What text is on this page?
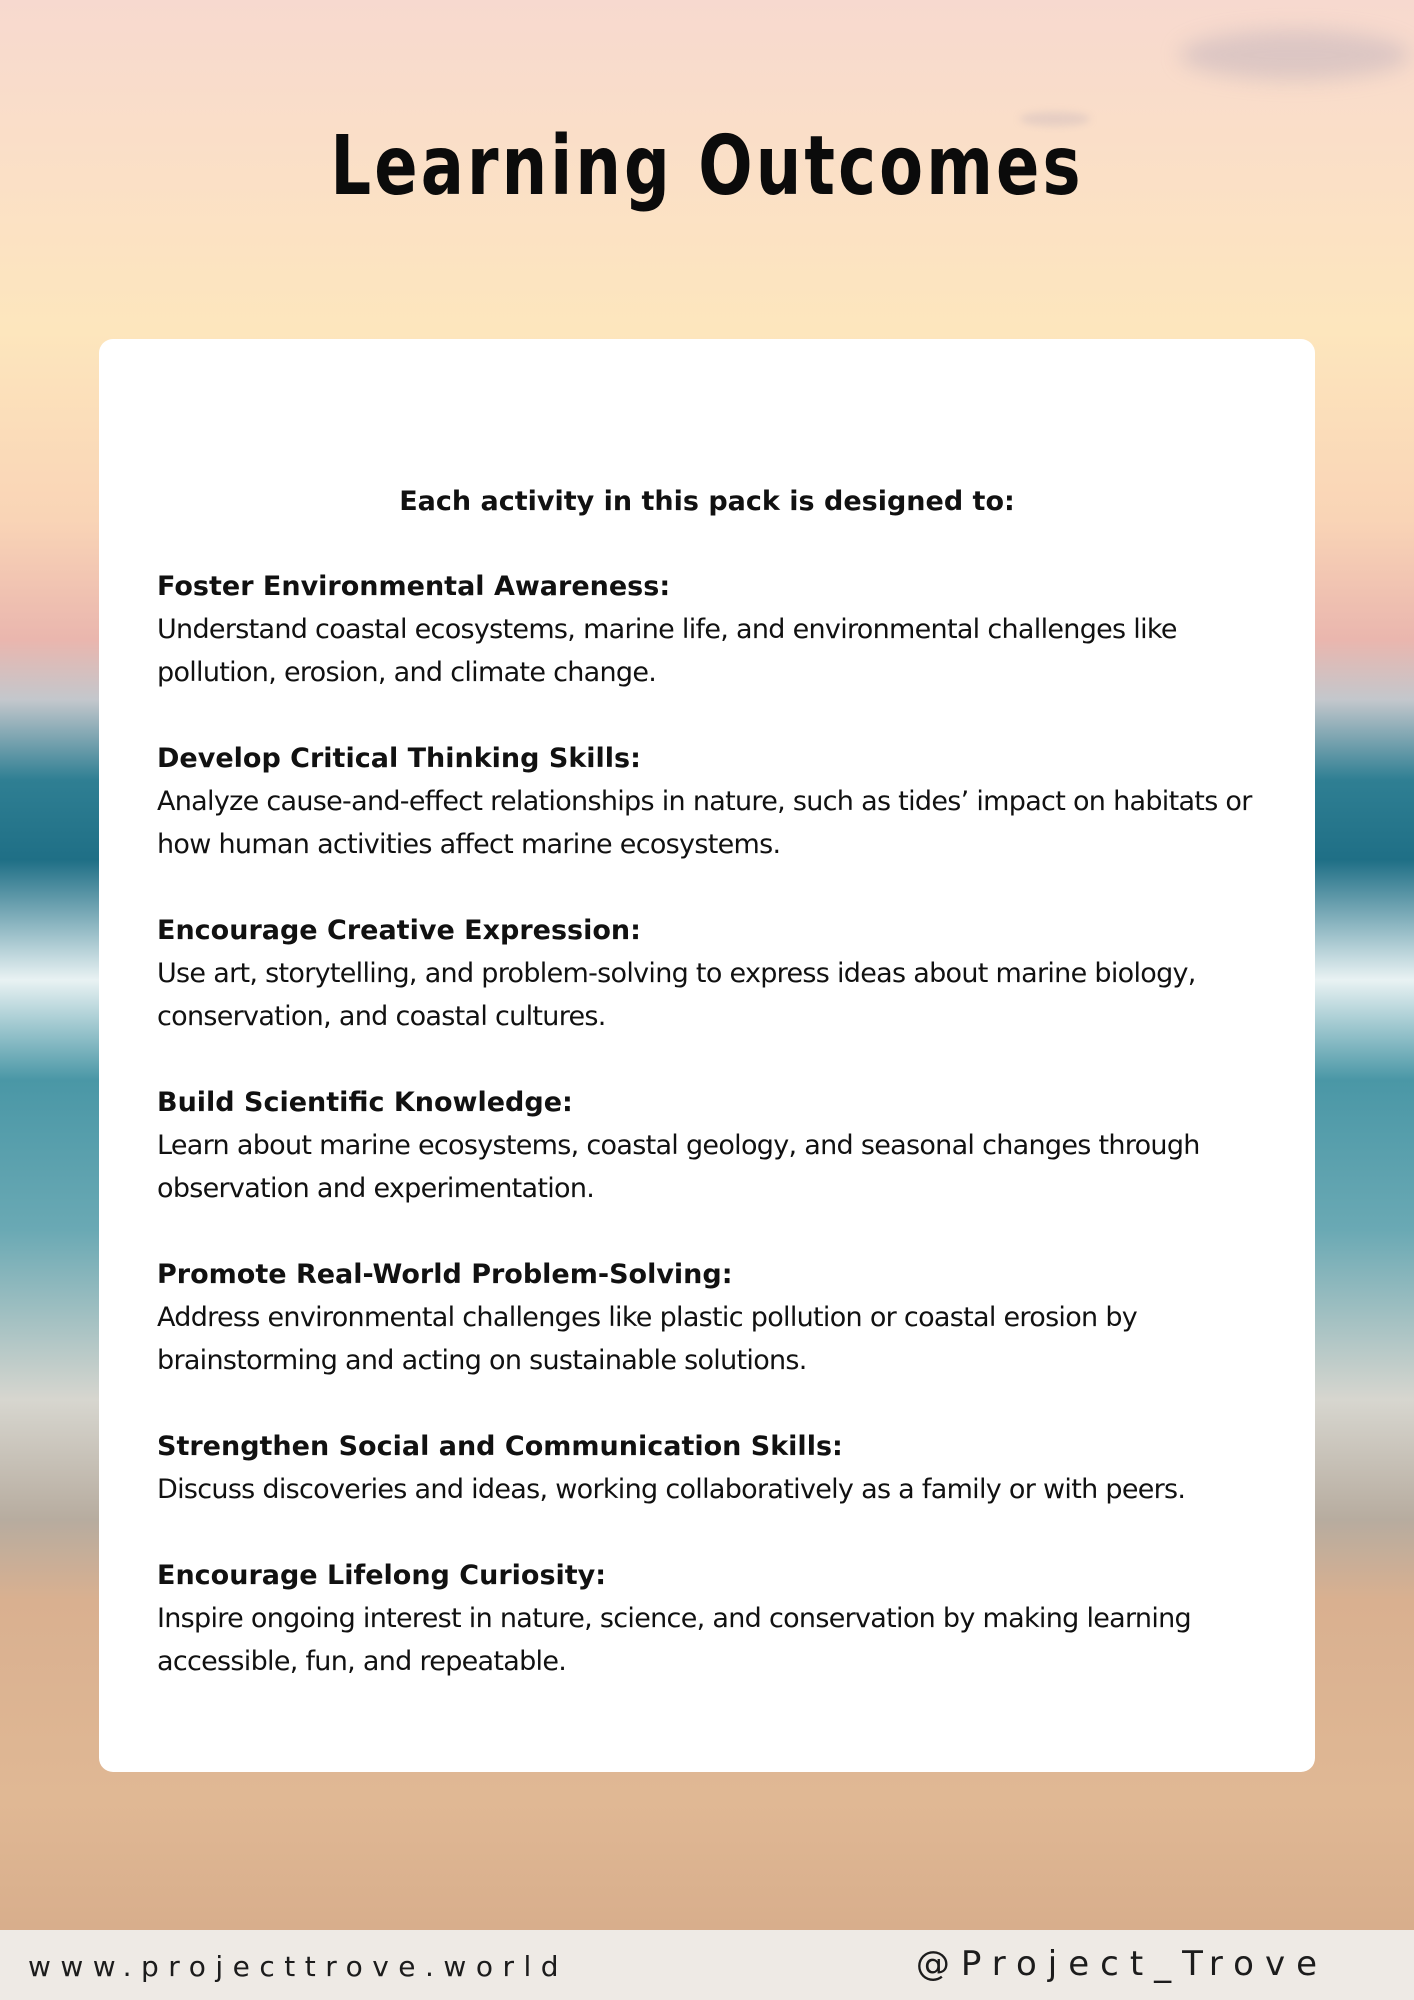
Learning Outcomes

Each activity in this pack is designed to:

Foster Environmental Awareness:
Understand coastal ecosystems, marine life, and environmental challenges like pollution, erosion, and climate change.
Develop Critical Thinking Skills:
Analyze cause-and-effect relationships in nature, such as tides’ impact on habitats or how human activities affect marine ecosystems.
Encourage Creative Expression:
Use art, storytelling, and problem-solving to express ideas about marine biology, conservation, and coastal cultures.
Build Scientific Knowledge:
Learn about marine ecosystems, coastal geology, and seasonal changes through observation and experimentation.
Promote Real-World Problem-Solving:
Address environmental challenges like plastic pollution or coastal erosion by brainstorming and acting on sustainable solutions.
Strengthen Social and Communication Skills:
Discuss discoveries and ideas, working collaboratively as a family or with peers.
Encourage Lifelong Curiosity:
Inspire ongoing interest in nature, science, and conservation by making learning accessible, fun, and repeatable.
www.projecttrove.world	@Project_Trove
